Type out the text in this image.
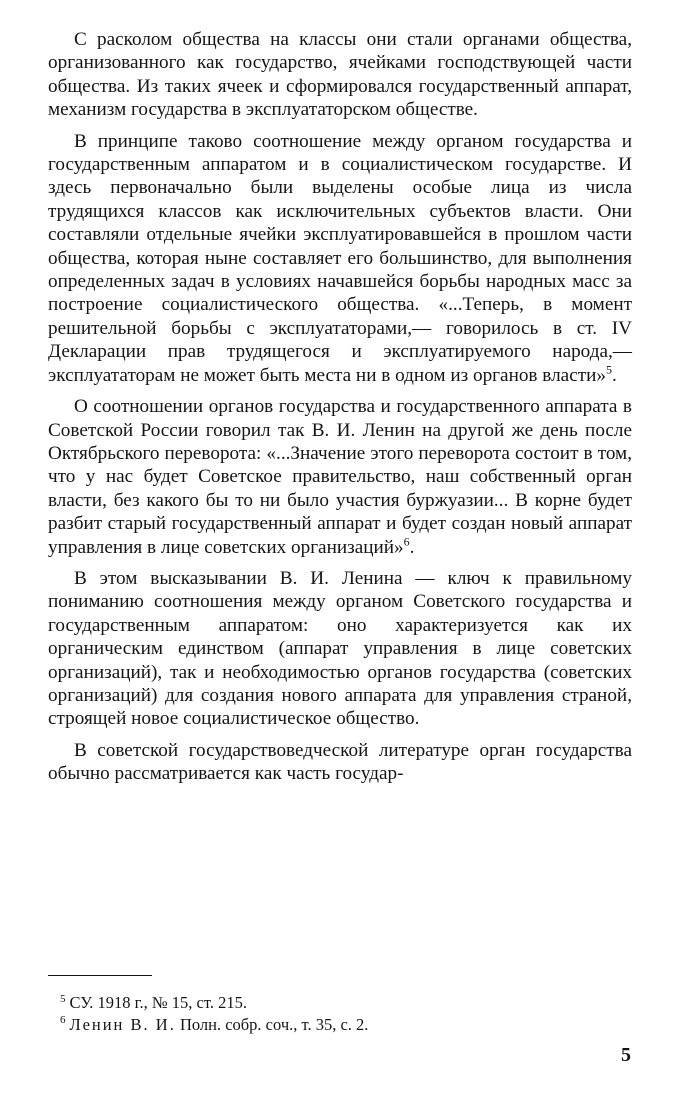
С расколом общества на классы они стали органами общества, организованного как государство, ячейками господствующей части общества. Из таких ячеек и сформировался государственный аппарат, механизм государства в эксплуататорском обществе.

В принципе таково соотношение между органом государства и государственным аппаратом и в социалистическом государстве. И здесь первоначально были выделены особые лица из числа трудящихся классов как исключительных субъектов власти. Они составляли отдельные ячейки эксплуатировавшейся в прошлом части общества, которая ныне составляет его большинство, для выполнения определенных задач в условиях начавшейся борьбы народных масс за построение социалистического общества. «...Теперь, в момент решительной борьбы с эксплуататорами,— говорилось в ст. IV Декларации прав трудящегося и эксплуатируемого народа,— эксплуататорам не может быть места ни в одном из органов власти»$^5$.

О соотношении органов государства и государственного аппарата в Советской России говорил так В. И. Ленин на другой же день после Октябрьского переворота: «...Значение этого переворота состоит в том, что у нас будет Советское правительство, наш собственный орган власти, без какого бы то ни было участия буржуазии... В корне будет разбит старый государственный аппарат и будет создан новый аппарат управления в лице советских организаций»$^6$.

В этом высказывании В. И. Ленина — ключ к правильному пониманию соотношения между органом Советского государства и государственным аппаратом: оно характеризуется как их органическим единством (аппарат управления в лице советских организаций), так и необходимостью органов государства (советских организаций) для создания нового аппарата для управления страной, строящей новое социалистическое общество.

В советской государствоведческой литературе орган государства обычно рассматривается как часть государ-

$^5$ СУ. 1918 г., № 15, ст. 215.

$^6$ Ленин В. И. Полн. собр. соч., т. 35, с. 2.

5
